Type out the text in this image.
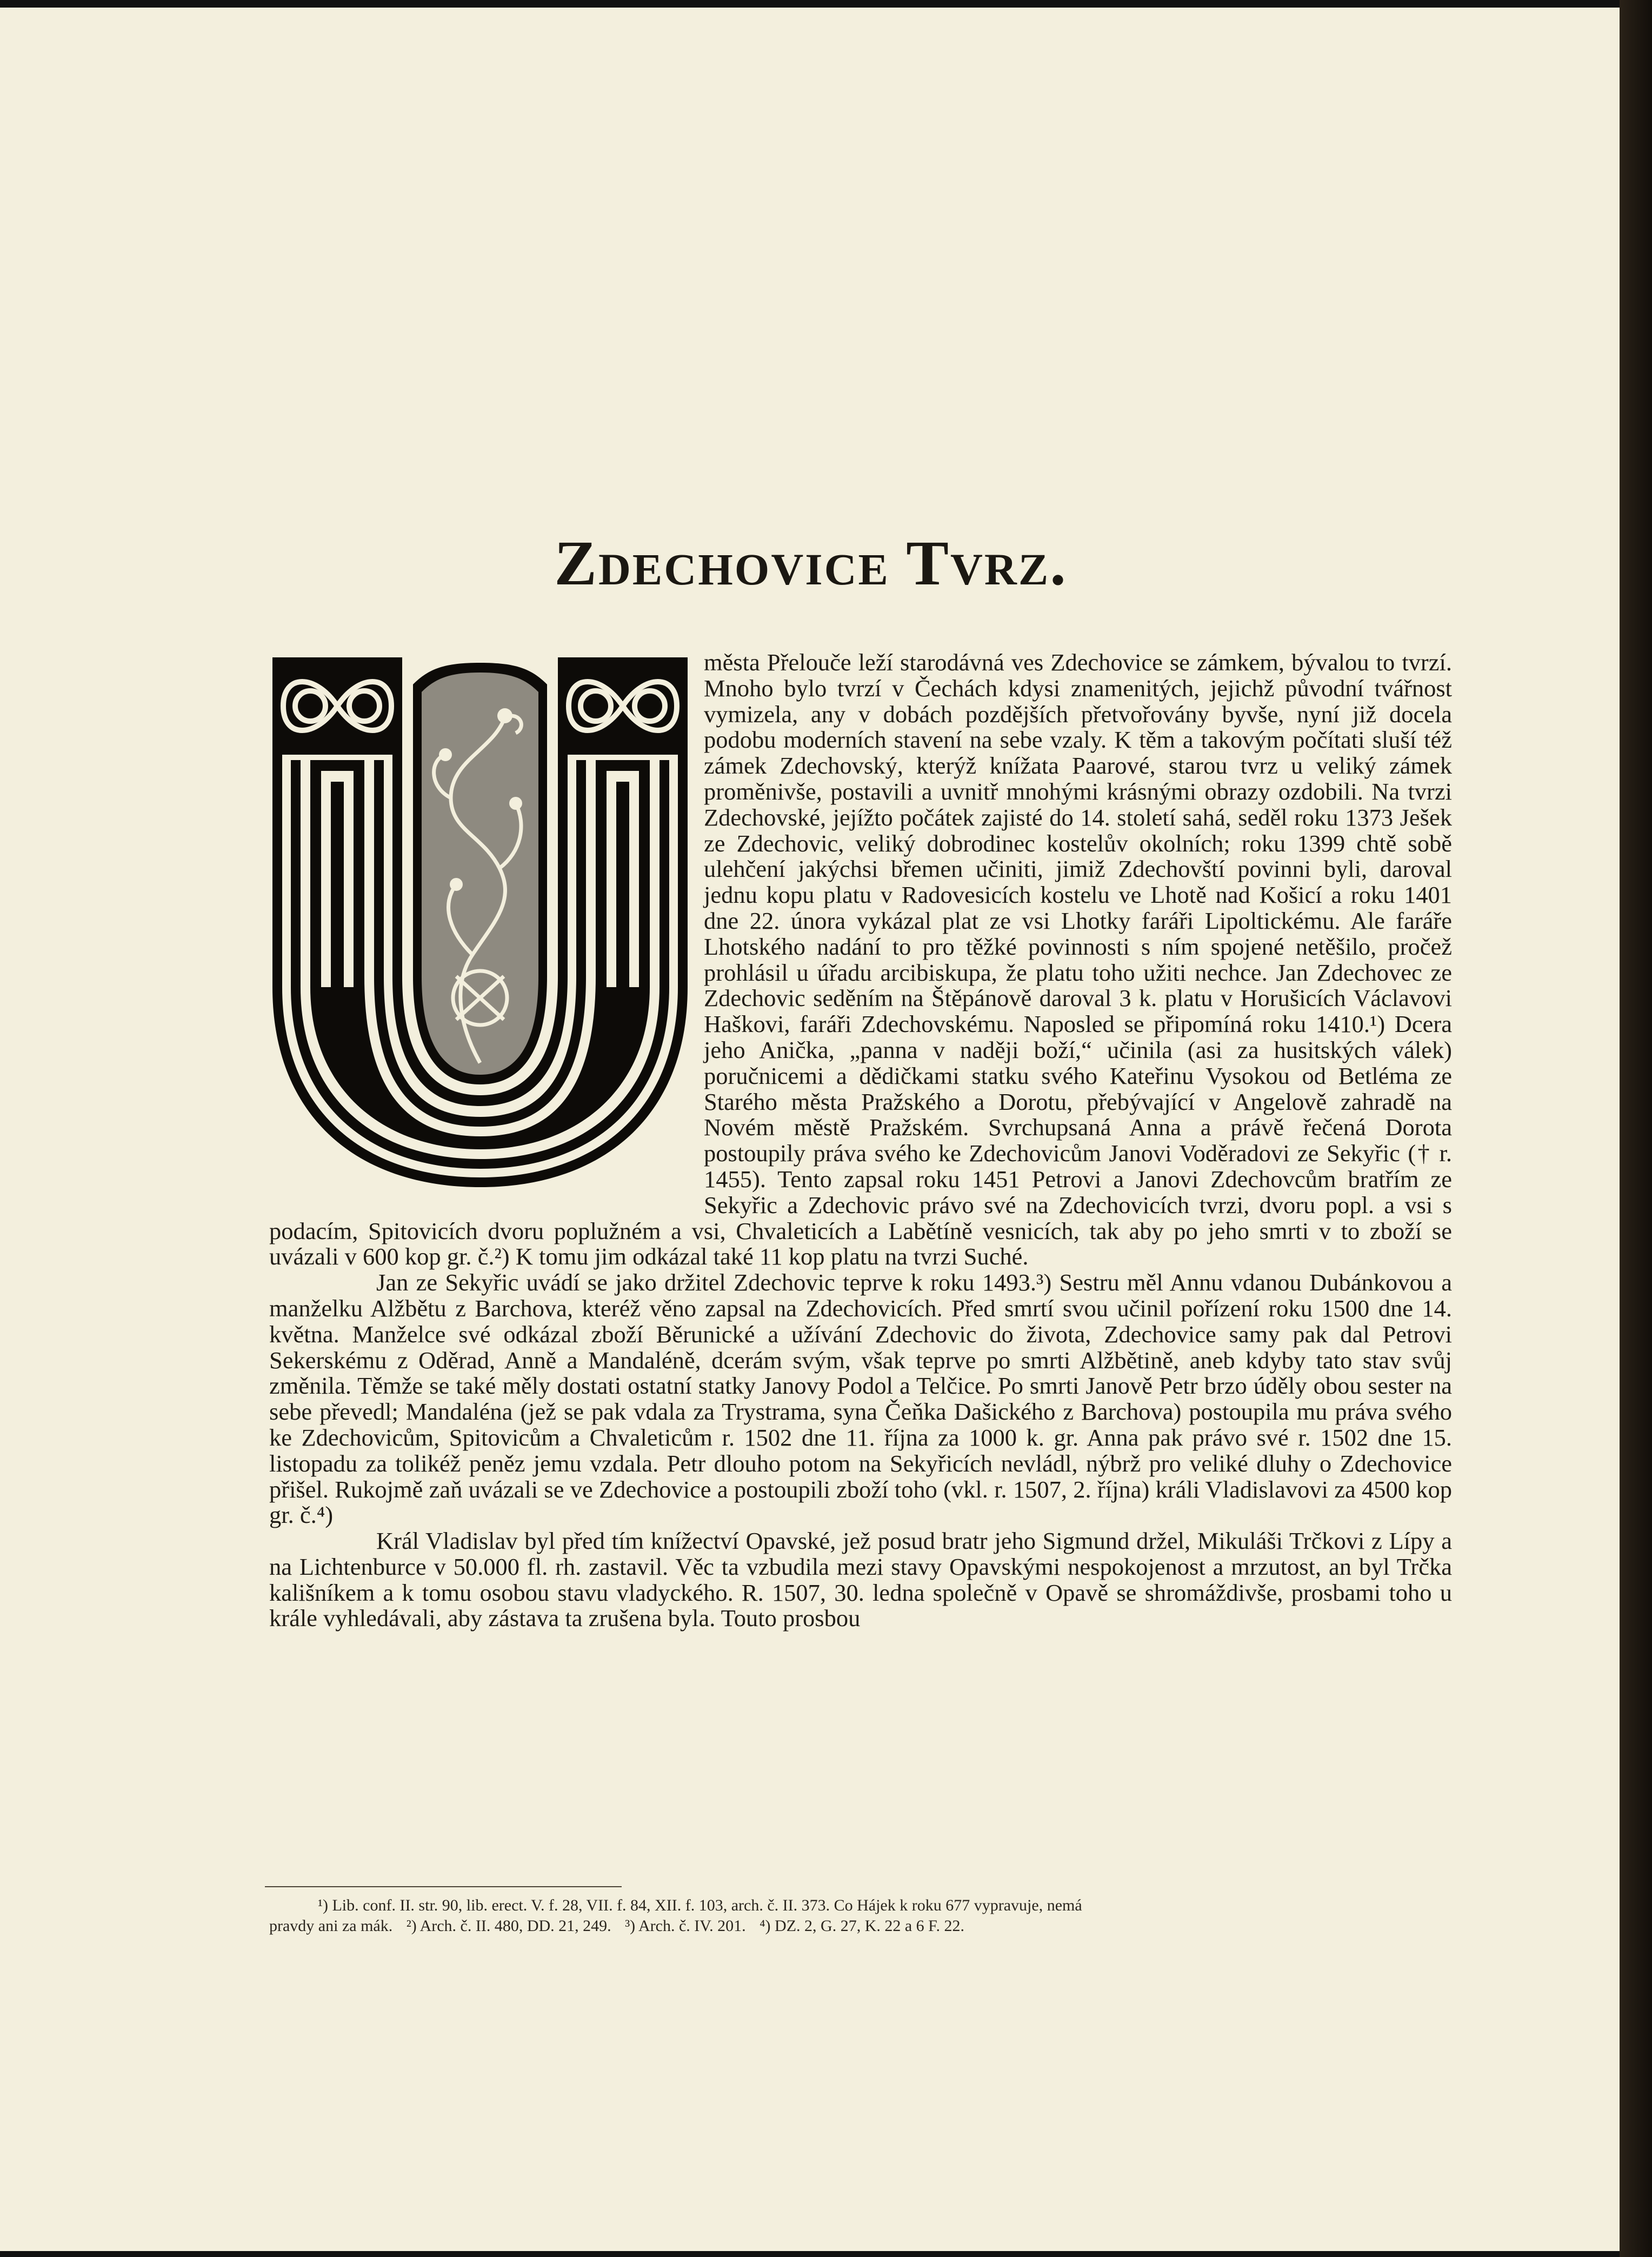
Zdechovice Tvrz.

města Přelouče leží starodávná ves Zdechovice se zámkem, bývalou to tvrzí. Mnoho bylo tvrzí v Čechách kdysi znamenitých, jejichž původní tvářnost vymizela, any v dobách pozdějších přetvořovány byvše, nyní již docela podobu moderních stavení na sebe vzaly. K těm a takovým počítati sluší též zámek Zdechovský, kterýž knížata Paarové, starou tvrz u veliký zámek proměnivše, postavili a uvnitř mnohými krásnými obrazy ozdobili. Na tvrzi Zdechovské, jejížto počátek zajisté do 14. století sahá, seděl roku 1373 Ješek ze Zdechovic, veliký dobrodinec kostelův okolních; roku 1399 chtě sobě ulehčení jakýchsi břemen učiniti, jimiž Zdechovští povinni byli, daroval jednu kopu platu v Radovesicích kostelu ve Lhotě nad Košicí a roku 1401 dne 22. února vykázal plat ze vsi Lhotky faráři Lipoltickému. Ale faráře Lhotského nadání to pro těžké povinnosti s ním spojené netěšilo, pročež prohlásil u úřadu arcibiskupa, že platu toho užiti nechce. Jan Zdechovec ze Zdechovic seděním na Štěpánově daroval 3 k. platu v Horušicích Václavovi Haškovi, faráři Zdechovskému. Naposled se připomíná roku 1410.¹) Dcera jeho Anička, „panna v naději boží,“ učinila (asi za husitských válek) poručnicemi a dědičkami statku svého Kateřinu Vysokou od Betléma ze Starého města Pražského a Dorotu, přebývající v Angelově zahradě na Novém městě Pražském. Svrchupsaná Anna a právě řečená Dorota postoupily práva svého ke Zdechovicům Janovi Voděradovi ze Sekyřic († r. 1455). Tento zapsal roku 1451 Petrovi a Janovi Zdechovcům bratřím ze Sekyřic a Zdechovic právo své na Zdechovicích tvrzi, dvoru popl. a vsi s podacím, Spitovicích dvoru poplužném a vsi, Chvaleticích a Labětíně vesnicích, tak aby po jeho smrti v to zboží se uvázali v 600 kop gr. č.²) K tomu jim odkázal také 11 kop platu na tvrzi Suché.

Jan ze Sekyřic uvádí se jako držitel Zdechovic teprve k roku 1493.³) Sestru měl Annu vdanou Dubánkovou a manželku Alžbětu z Barchova, kteréž věno zapsal na Zdechovicích. Před smrtí svou učinil pořízení roku 1500 dne 14. května. Manželce své odkázal zboží Běrunické a užívání Zdechovic do života, Zdechovice samy pak dal Petrovi Sekerskému z Oděrad, Anně a Mandaléně, dcerám svým, však teprve po smrti Alžbětině, aneb kdyby tato stav svůj změnila. Těmže se také měly dostati ostatní statky Janovy Podol a Telčice. Po smrti Janově Petr brzo úděly obou sester na sebe převedl; Mandaléna (jež se pak vdala za Trystrama, syna Čeňka Dašického z Barchova) postoupila mu práva svého ke Zdechovicům, Spitovicům a Chvaleticům r. 1502 dne 11. října za 1000 k. gr. Anna pak právo své r. 1502 dne 15. listopadu za tolikéž peněz jemu vzdala. Petr dlouho potom na Sekyřicích nevládl, nýbrž pro veliké dluhy o Zdechovice přišel. Rukojmě zaň uvázali se ve Zdechovice a postoupili zboží toho (vkl. r. 1507, 2. října) králi Vladislavovi za 4500 kop gr. č.⁴)

Král Vladislav byl před tím knížectví Opavské, jež posud bratr jeho Sigmund držel, Mikuláši Trčkovi z Lípy a na Lichtenburce v 50.000 fl. rh. zastavil. Věc ta vzbudila mezi stavy Opavskými nespokojenost a mrzutost, an byl Trčka kališníkem a k tomu osobou stavu vladyckého. R. 1507, 30. ledna společně v Opavě se shromáždivše, prosbami toho u krále vyhledávali, aby zástava ta zrušena byla. Touto prosbou

¹) Lib. conf. II. str. 90, lib. erect. V. f. 28, VII. f. 84, XII. f. 103, arch. č. II. 373. Co Hájek k roku 677 vypravuje, nemá
pravdy ani za mák. ²) Arch. č. II. 480, DD. 21, 249. ³) Arch. č. IV. 201. ⁴) DZ. 2, G. 27, K. 22 a 6 F. 22.
